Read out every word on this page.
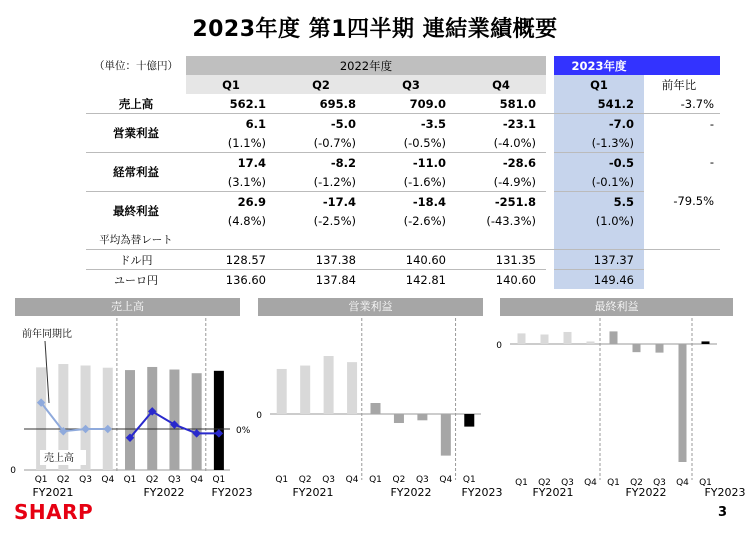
2023年度 第1四半期 連結業績概要
（単位：十億円）	2022年度					2023年度	
	Q1	Q2	Q3	Q4		Q1	前年比
売上高	562.1	695.8	709.0	581.0		541.2	-3.7%
営業利益	6.1	-5.0	-3.5	-23.1		-7.0	-
	(1.1%)	(-0.7%)	(-0.5%)	(-4.0%)		(-1.3%)	
経常利益	17.4	-8.2	-11.0	-28.6		-0.5	-
	(3.1%)	(-1.2%)	(-1.6%)	(-4.9%)		(-0.1%)	
最終利益	26.9	-17.4	-18.4	-251.8		5.5	-79.5%
	(4.8%)	(-2.5%)	(-2.6%)	(-43.3%)		(1.0%)	
平均為替レート							
ドル円	128.57	137.38	140.60	131.35		137.37	
ユーロ円	136.60	137.84	142.81	140.60		149.46	
売上高	営業利益	最終利益
0
Q1 Q2 Q3 Q4 Q1 Q2 Q3 Q4 Q1
0%
前年同期比
売上高
FY2021	FY2022 FY2023
0
Q1 Q2 Q3 Q4 Q1 Q2 Q3 Q4 Q1
FY2021	FY2022	FY2023
0
Q1 Q2 Q3 Q4 Q1 Q2 Q3 Q4 Q1
FY2021	FY2022	FY2023
SHARP	3
